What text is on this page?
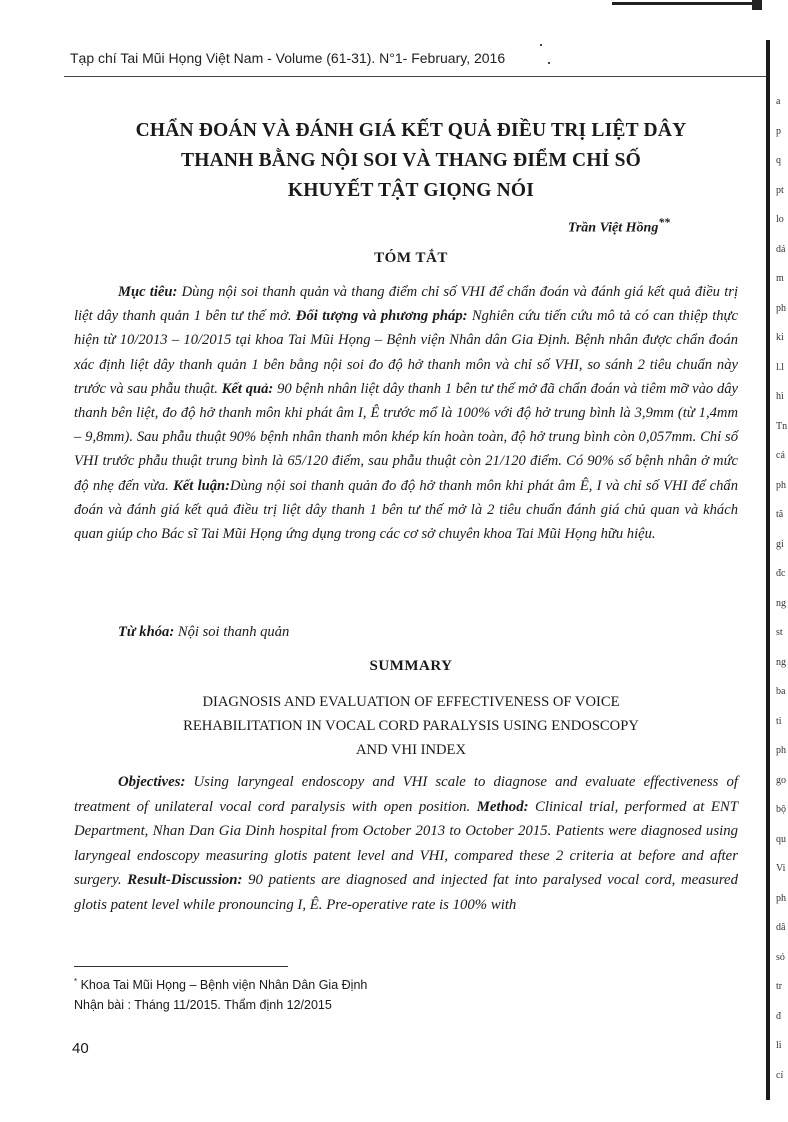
Tạp chí Tai Mũi Họng Việt Nam - Volume (61-31). N°1- February, 2016
a
p
q
pt
lo
dá
m
ph
ki
l.l
hì
Tn
cá
ph
tă
gi
đc
ng
st
ng
ba
ti
ph
go
bộ
qu
Vi
ph
dâ
sỏ
tr
đ
li
cí
CHẨN ĐOÁN VÀ ĐÁNH GIÁ KẾT QUẢ ĐIỀU TRỊ LIỆT DÂY
THANH BẰNG NỘI SOI VÀ THANG ĐIỂM CHỈ SỐ
KHUYẾT TẬT GIỌNG NÓI
Trần Việt Hồng**
TÓM TẮT

Mục tiêu: Dùng nội soi thanh quản và thang điểm chỉ số VHI để chẩn đoán và đánh giá kết quả điều trị liệt dây thanh quản 1 bên tư thế mở. Đối tượng và phương pháp: Nghiên cứu tiến cứu mô tả có can thiệp thực hiện từ 10/2013 – 10/2015 tại khoa Tai Mũi Họng – Bệnh viện Nhân dân Gia Định. Bệnh nhân được chẩn đoán xác định liệt dây thanh quản 1 bên bằng nội soi đo độ hở thanh môn và chỉ số VHI, so sánh 2 tiêu chuẩn này trước và sau phẫu thuật. Kết quả: 90 bệnh nhân liệt dây thanh 1 bên tư thế mở đã chẩn đoán và tiêm mỡ vào dây thanh bên liệt, đo độ hở thanh môn khi phát âm I, Ê trước mổ là 100% với độ hở trung bình là 3,9mm (từ 1,4mm – 9,8mm). Sau phẫu thuật 90% bệnh nhân thanh môn khép kín hoàn toàn, độ hở trung bình còn 0,057mm. Chỉ số VHI trước phẫu thuật trung bình là 65/120 điểm, sau phẫu thuật còn 21/120 điểm. Có 90% số bệnh nhân ở mức độ nhẹ đến vừa. Kết luận:Dùng nội soi thanh quản đo độ hở thanh môn khi phát âm Ê, I và chỉ số VHI để chẩn đoán và đánh giá kết quả điều trị liệt dây thanh 1 bên tư thế mở là 2 tiêu chuẩn đánh giá chủ quan và khách quan giúp cho Bác sĩ Tai Mũi Họng ứng dụng trong các cơ sở chuyên khoa Tai Mũi Họng hữu hiệu.

Từ khóa: Nội soi thanh quản
SUMMARY
DIAGNOSIS AND EVALUATION OF EFFECTIVENESS OF VOICE
REHABILITATION IN VOCAL CORD PARALYSIS USING ENDOSCOPY
AND VHI INDEX

Objectives: Using laryngeal endoscopy and VHI scale to diagnose and evaluate effectiveness of treatment of unilateral vocal cord paralysis with open position. Method: Clinical trial, performed at ENT Department, Nhan Dan Gia Dinh hospital from October 2013 to October 2015. Patients were diagnosed using laryngeal endoscopy measuring glotis patent level and VHI, compared these 2 criteria at before and after surgery. Result-Discussion: 90 patients are diagnosed and injected fat into paralysed vocal cord, measured glotis patent level while pronouncing I, Ê. Pre-operative rate is 100% with

* Khoa Tai Mũi Họng – Bệnh viện Nhân Dân Gia Định
Nhận bài : Tháng 11/2015. Thẩm định 12/2015
40
